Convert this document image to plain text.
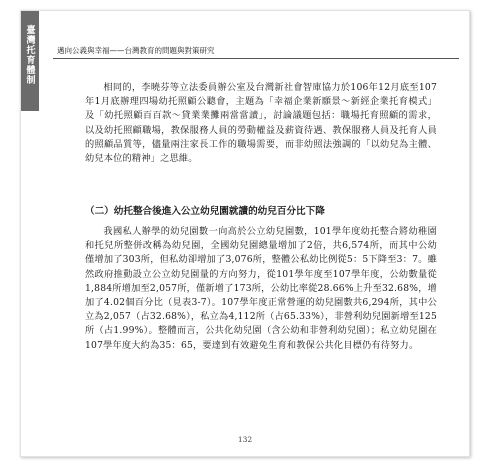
臺灣托育體制	邁向公義與幸福——台灣教育的問題與對策研究
相同的，李曉芬等立法委員辦公室及台灣新社會智庫協力於106年12月底至107年1月底辦理四場幼托照顧公聽會，主題為「幸福企業新願景～新經企業托育模式」及「幼托照顧百百款～貸業業攤兩當當讀」，討論議題包括：職場托育照顧的需求，以及幼托照顧職場，教保服務人員的勞動權益及薪資待遇、教保服務人員及托育人員的照顧品質等，儘量兩注家長工作的職場需要，而非幼照法強調的「以幼兒為主體、幼兒本位的精神」之思維。
（二）幼托整合後進入公立幼兒園就讀的幼兒百分比下降
我國私人辦學的幼兒園數一向高於公立幼兒園數，101學年度幼托整合將幼稚園和托兒所整併改稱為幼兒園，全國幼兒園總量增加了2倍，共6,574所，而其中公幼僅增加了303所，但私幼卻增加了3,076所，整體公私幼比例從5：5下降至3：7。雖然政府推動設立公立幼兒園量的方向努力，從101學年度至107學年度，公幼數量從1,884所增加至2,057所，僅新增了173所，公幼比率從28.66%上升至32.68%，增加了4.02個百分比（見表3-7）。107學年度正常營運的幼兒園數共6,294所，其中公立為2,057（占32.68%），私立為4,112所（占65.33%），非營利幼兒園新增至125所（占1.99%）。整體而言，公共化幼兒園（含公幼和非營利幼兒園）；私立幼兒園在107學年度大約為35：65，要達到有效避免生育和教保公共化目標仍有待努力。
132
